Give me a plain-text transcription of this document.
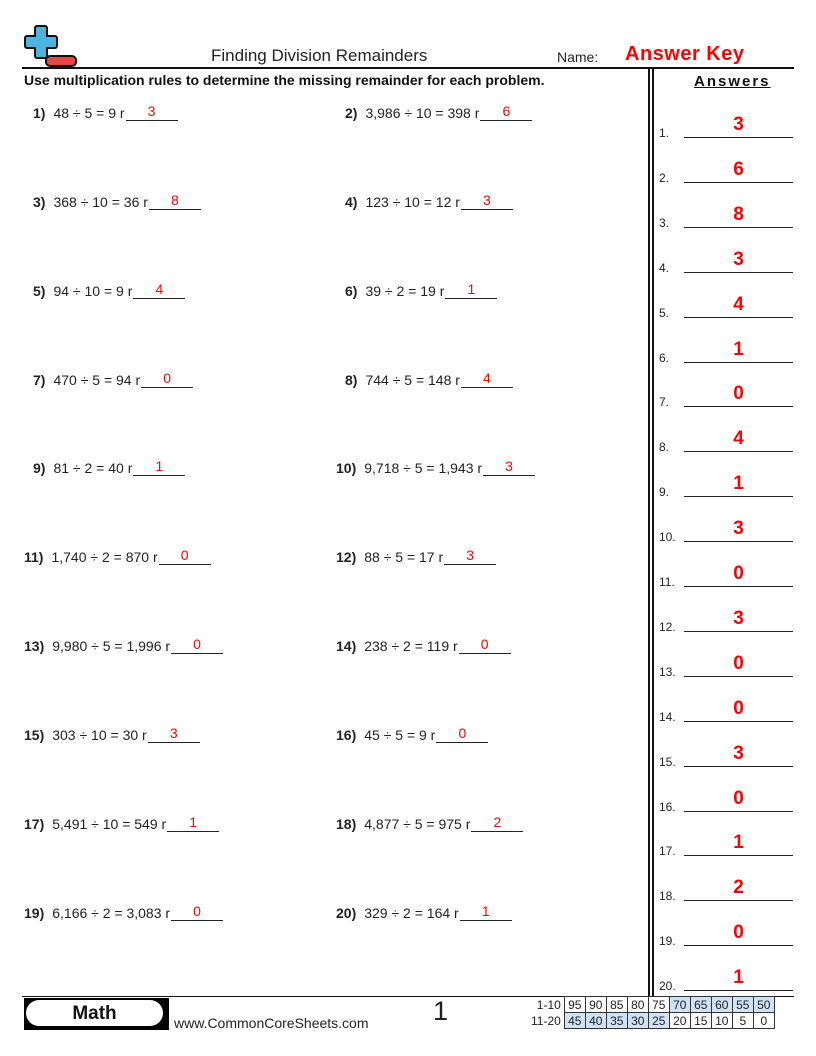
Finding Division Remainders	Name: Answer Key
Use multiplication rules to determine the missing remainder for each problem.	Answers
1) 48 ÷ 5 = 9 r	3	2) 3,986 ÷ 10 = 398 r	6
3) 368 ÷ 10 = 36 r	8	4) 123 ÷ 10 = 12 r	3
5) 94 ÷ 10 = 9 r	4	6) 39 ÷ 2 = 19 r	1
7) 470 ÷ 5 = 94 r	0	8) 744 ÷ 5 = 148 r	4
9) 81 ÷ 2 = 40 r	1	10) 9,718 ÷ 5 = 1,943 r	3
11) 1,740 ÷ 2 = 870 r	0	12) 88 ÷ 5 = 17 r	3
13) 9,980 ÷ 5 = 1,996 r	0	14) 238 ÷ 2 = 119 r	0
15) 303 ÷ 10 = 30 r	3	16) 45 ÷ 5 = 9 r	0
17) 5,491 ÷ 10 = 549 r	1	18) 4,877 ÷ 5 = 975 r	2
19) 6,166 ÷ 2 = 3,083 r	0	20) 329 ÷ 2 = 164 r	1
1.	3
2.	6
3.	8
4.	3
5.	4
6.	1
7.	0
8.	4
9.	1
10.	3
11.	0
12.	3
13.	0
14.	0
15.	3
16.	0
17.	1
18.	2
19.	0
20.	1
Math	www.CommonCoreSheets.com 1	1-10	95	90	85	80	75	70	65	60	55	50
11-20	45	40	35	30	25	20	15	10	5	0
